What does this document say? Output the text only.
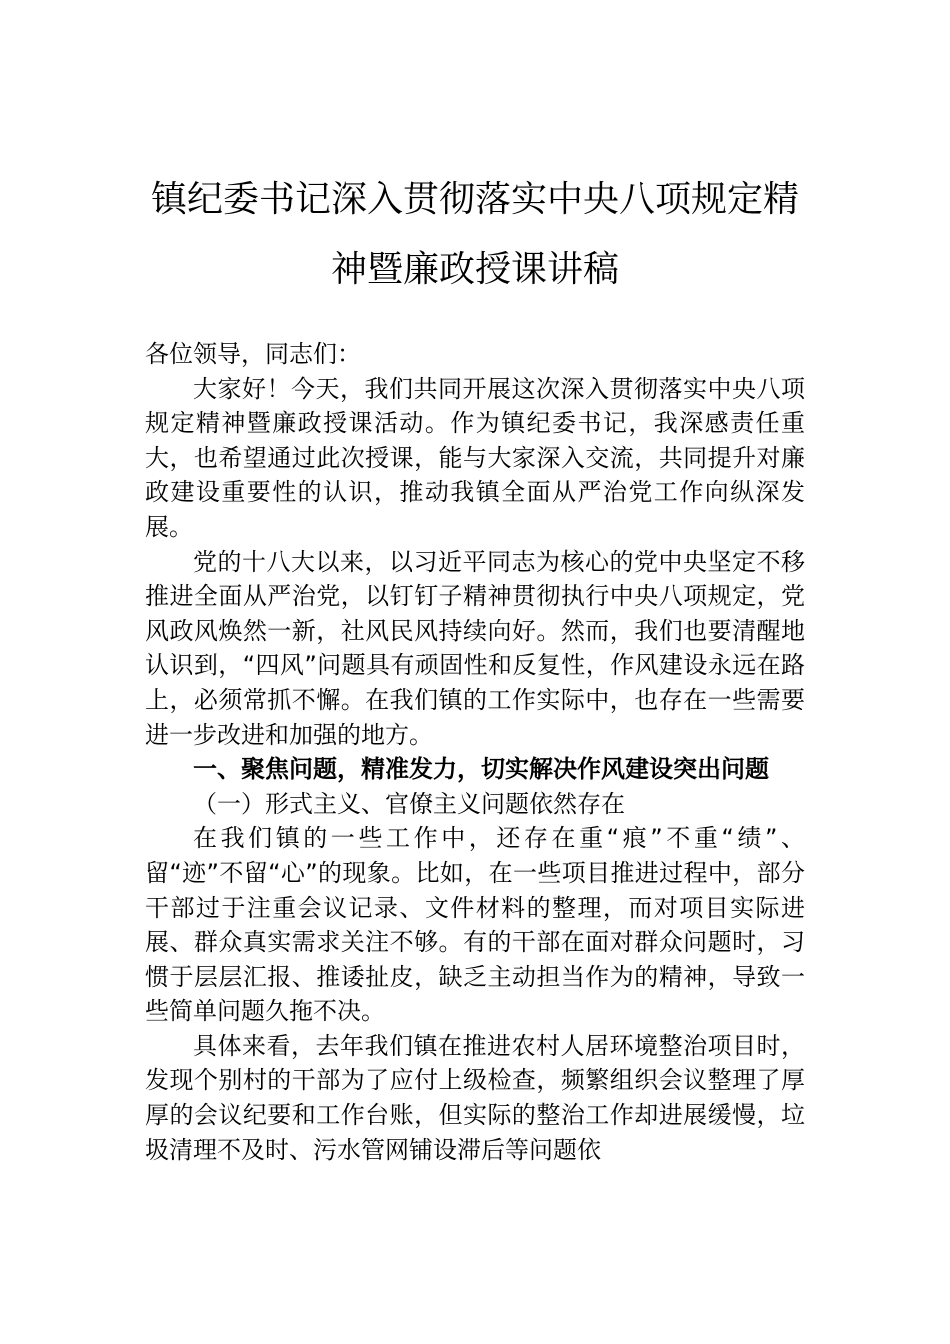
镇纪委书记深入贯彻落实中央八项规定精
神暨廉政授课讲稿

各位领导，同志们：

大家好！今天，我们共同开展这次深入贯彻落实中央八项规定精神暨廉政授课活动。作为镇纪委书记，我深感责任重大，也希望通过此次授课，能与大家深入交流，共同提升对廉政建设重要性的认识，推动我镇全面从严治党工作向纵深发展。

党的十八大以来，以习近平同志为核心的党中央坚定不移推进全面从严治党，以钉钉子精神贯彻执行中央八项规定，党风政风焕然一新，社风民风持续向好。然而，我们也要清醒地认识到，“四风”问题具有顽固性和反复性，作风建设永远在路上，必须常抓不懈。在我们镇的工作实际中，也存在一些需要进一步改进和加强的地方。

一、聚焦问题，精准发力，切实解决作风建设突出问题

（一）形式主义、官僚主义问题依然存在

在我们镇的一些工作中，还存在重“痕”不重“绩”、留“迹”不留“心”的现象。比如，在一些项目推进过程中，部分干部过于注重会议记录、文件材料的整理，而对项目实际进展、群众真实需求关注不够。有的干部在面对群众问题时，习惯于层层汇报、推诿扯皮，缺乏主动担当作为的精神，导致一些简单问题久拖不决。

具体来看，去年我们镇在推进农村人居环境整治项目时，发现个别村的干部为了应付上级检查，频繁组织会议整理了厚厚的会议纪要和工作台账，但实际的整治工作却进展缓慢，垃圾清理不及时、污水管网铺设滞后等问题依
